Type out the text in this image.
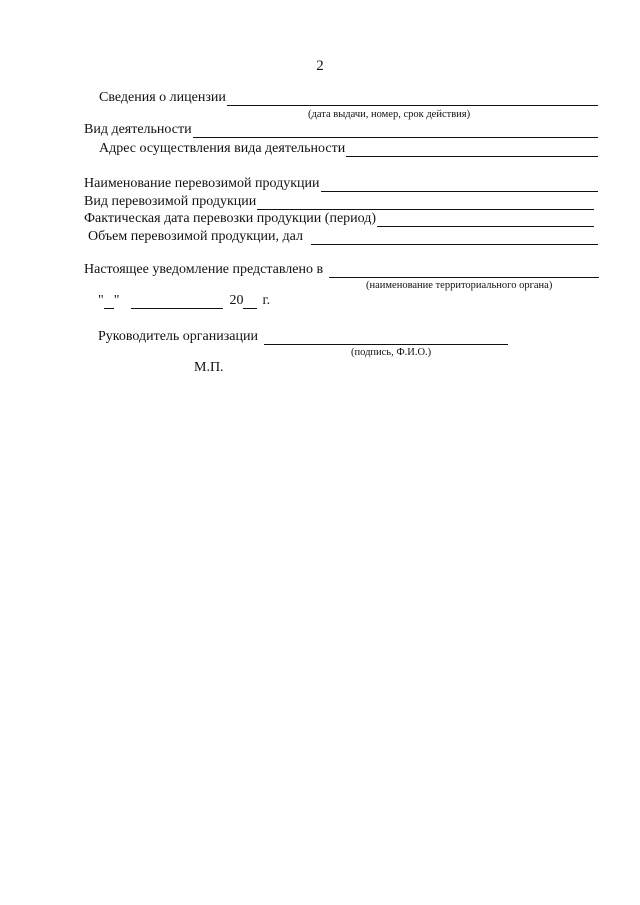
2
Сведения о лицензии
(дата выдачи, номер, срок действия)
Вид деятельности
Адрес осуществления вида деятельности
Наименование перевозимой продукции
Вид перевозимой продукции
Фактическая дата перевозки продукции (период)
Объем перевозимой продукции, дал
Настоящее уведомление представлено в
(наименование территориального органа)
" "	20 г.
Руководитель организации
(подпись, Ф.И.О.)
М.П.
